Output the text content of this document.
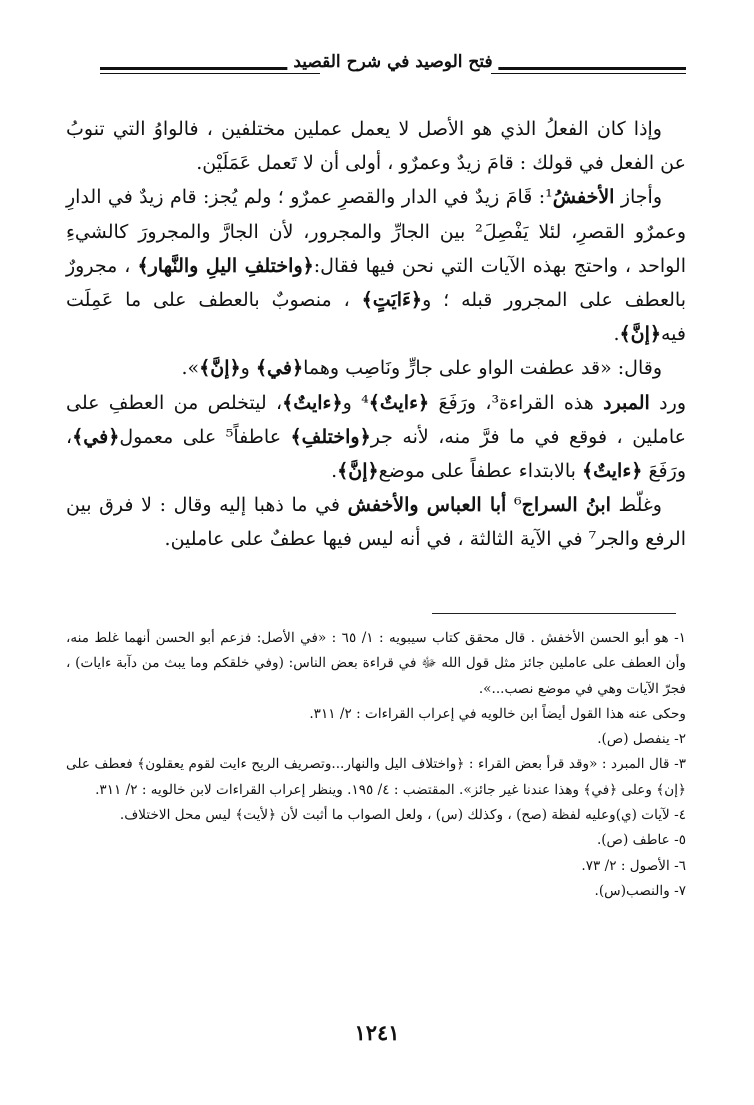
فتح الوصيد في شرح القصيد

وإذا كان الفعلُ الذي هو الأصل لا يعمل عملين مختلفين ، فالواوُ التي تنوبُ عن الفعل في قولك : قامَ زيدٌ وعمرٌو ، أولى أن لا تَعمل عَمَلَيْن.

وأجاز الأخفشُ¹: قَامَ زيدٌ في الدار والقصرِ عمرٌو ؛ ولم يُجز: قام زيدٌ في الدارِ وعمرٌو القصرِ، لئلا يَفْصِلَ² بين الجارِّ والمجرور، لأن الجارَّ والمجرورَ كالشيءِ الواحد ، واحتج بهذه الآيات التي نحن فيها فقال:﴿واختلفِ اليلِ والنَّهار﴾ ، مجرورٌ بالعطف على المجرور قبله ؛ و﴿ءَايَتٍ﴾ ، منصوبٌ بالعطف على ما عَمِلَت فيه﴿إنَّ﴾.

وقال: «قد عطفت الواو على جارٍّ ونَاصِب وهما﴿في﴾ و﴿إنَّ﴾».

ورد المبرد هذه القراءة³، ورَفَعَ ﴿ءايتٌ﴾⁴ و﴿ءايتٌ﴾، ليتخلص من العطفِ على عاملين ، فوقع في ما فرَّ منه، لأنه جر﴿واختلفِ﴾ عاطفاً⁵ على معمول﴿في﴾، ورَفَعَ ﴿ءايتٌ﴾ بالابتداء عطفاً على موضع﴿إنَّ﴾.

وغلّط ابنُ السراج⁶ أبا العباس والأخفش في ما ذهبا إليه وقال : لا فرق بين الرفع والجر⁷ في الآية الثالثة ، في أنه ليس فيها عطفٌ على عاملين.

١- هو أبو الحسن الأخفش . قال محقق كتاب سيبويه : ١/ ٦٥ : «في الأصل: فزعم أبو الحسن أنهما غلط منه، وأن العطف على عاملين جائز مثل قول الله ﷻ في قراءة بعض الناس: (وفي خلقكم وما يبث من دآبة ءايات) ، فجرّ الآيات وهي في موضع نصب...».

وحكى عنه هذا القول أيضاً ابن خالويه في إعراب القراءات : ٢/ ٣١١.

٢- ينفصل (ص).

٣- قال المبرد : «وقد قرأ بعض القراء : ﴿واختلاف اليل والنهار...وتصريف الريح ءايت لقوم يعقلون﴾ فعطف على ﴿إن﴾ وعلى ﴿في﴾ وهذا عندنا غير جائز». المقتضب : ٤/ ١٩٥. وينظر إعراب القراءات لابن خالويه : ٢/ ٣١١.

٤- لآيات (ي)وعليه لفظة (صح) ، وكذلك (س) ، ولعل الصواب ما أثبت لأن ﴿لأيت﴾ ليس محل الاختلاف.

٥- عاطف (ص).

٦- الأصول : ٢/ ٧٣.

٧- والنصب(س).

١٢٤١
